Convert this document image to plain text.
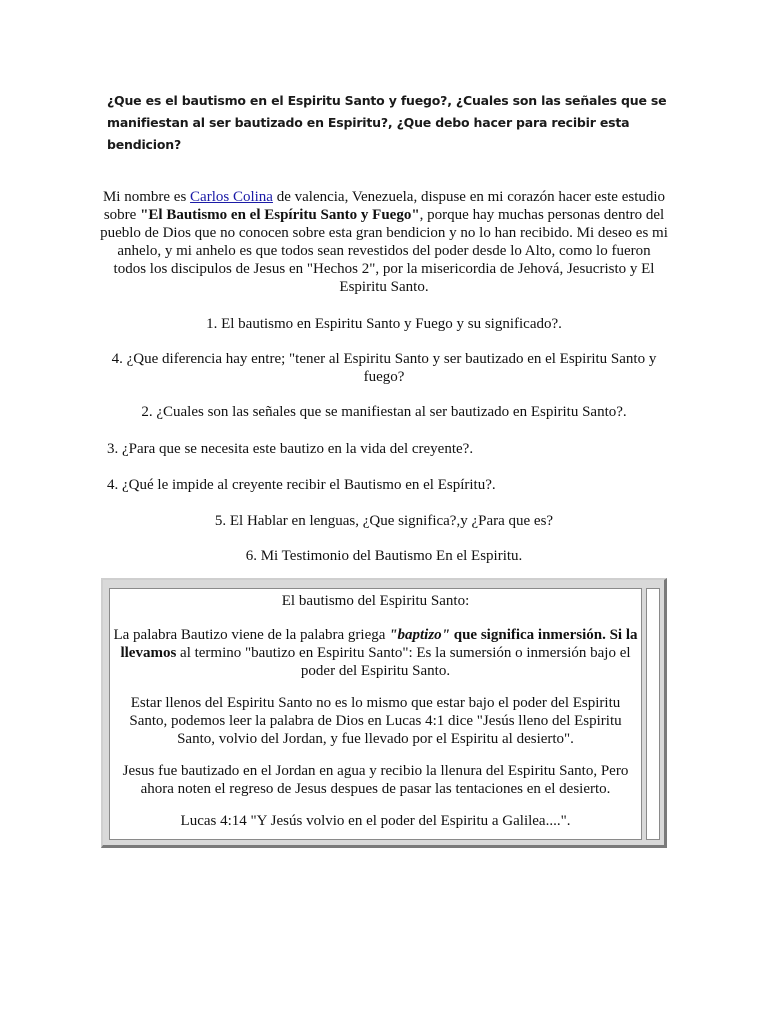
¿Que es el bautismo en el Espiritu Santo y fuego?, ¿Cuales son las señales que se manifiestan al ser bautizado en Espiritu?, ¿Que debo hacer para recibir esta bendicion?
Mi nombre es Carlos Colina de valencia, Venezuela, dispuse en mi corazón hacer este estudio sobre "El Bautismo en el Espíritu Santo y Fuego", porque hay muchas personas dentro del pueblo de Dios que no conocen sobre esta gran bendicion y no lo han recibido. Mi deseo es mi anhelo, y mi anhelo es que todos sean revestidos del poder desde lo Alto, como lo fueron todos los discipulos de Jesus en "Hechos 2", por la misericordia de Jehová, Jesucristo y El Espiritu Santo.
1. El bautismo en Espiritu Santo y Fuego y su significado?.
4. ¿Que diferencia hay entre; "tener al Espiritu Santo y ser bautizado en el Espiritu Santo y fuego?
2. ¿Cuales son las señales que se manifiestan al ser bautizado en Espiritu Santo?.
3. ¿Para que se necesita este bautizo en la vida del creyente?.
4. ¿Qué le impide al creyente recibir el Bautismo en el Espíritu?.
5. El Hablar en lenguas, ¿Que significa?,y ¿Para que es?
6. Mi Testimonio del Bautismo En el Espiritu.

El bautismo del Espiritu Santo:

La palabra Bautizo viene de la palabra griega "baptizo" que significa inmersión. Si la llevamos al termino "bautizo en Espiritu Santo": Es la sumersión o inmersión bajo el poder del Espiritu Santo.

Estar llenos del Espiritu Santo no es lo mismo que estar bajo el poder del Espiritu Santo, podemos leer la palabra de Dios en Lucas 4:1 dice "Jesús lleno del Espiritu Santo, volvio del Jordan, y fue llevado por el Espiritu al desierto".

Jesus fue bautizado en el Jordan en agua y recibio la llenura del Espiritu Santo, Pero ahora noten el regreso de Jesus despues de pasar las tentaciones en el desierto.

Lucas 4:14 "Y Jesús volvio en el poder del Espiritu a Galilea....".
